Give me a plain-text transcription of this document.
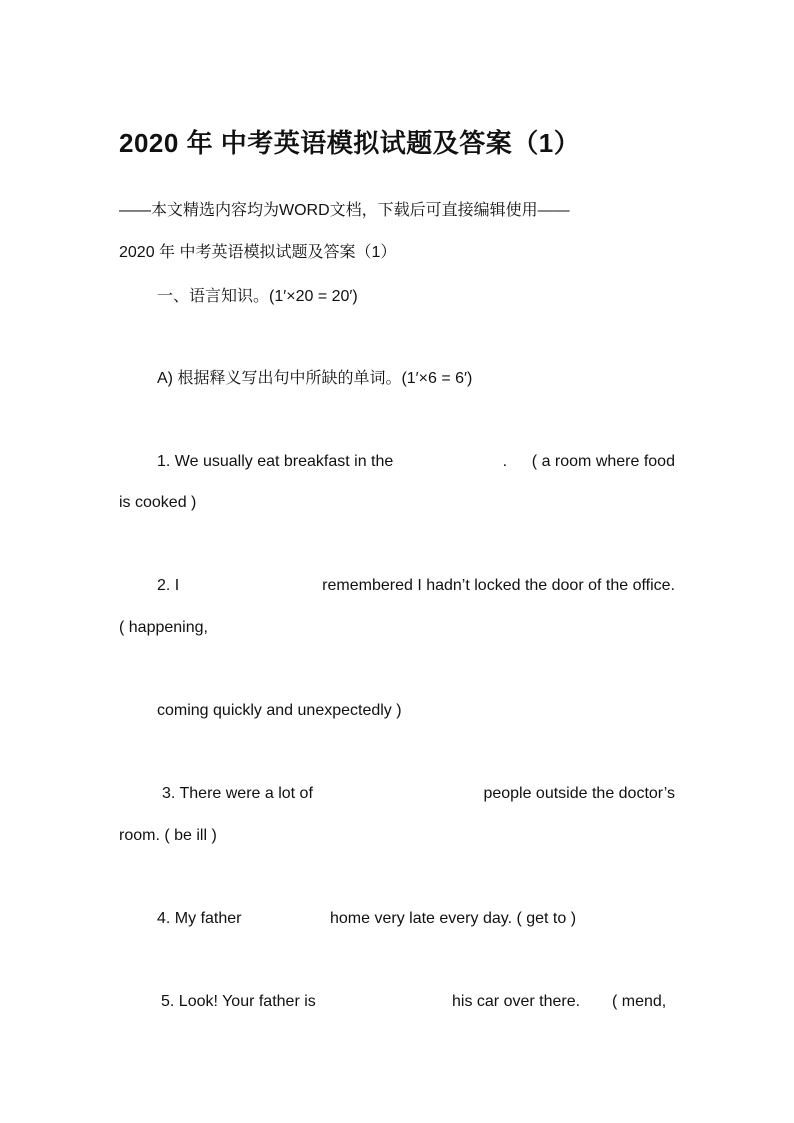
2020 年 中考英语模拟试题及答案（1）
——本文精选内容均为WORD文档，下载后可直接编辑使用——
2020 年 中考英语模拟试题及答案（1）
一、语言知识。(1′×20 = 20′)
A) 根据释义写出句中所缺的单词。(1′×6 = 6′)
1. We usually eat breakfast in the	. ( a room where food
is cooked )
2. I	remembered I hadn’t locked the door of the office.
( happening,
coming quickly and unexpectedly )
3. There were a lot of	people outside the doctor’s
room. ( be ill )
4. My father	home very late every day. ( get to )
5. Look! Your father is	his car over there. ( mend,
